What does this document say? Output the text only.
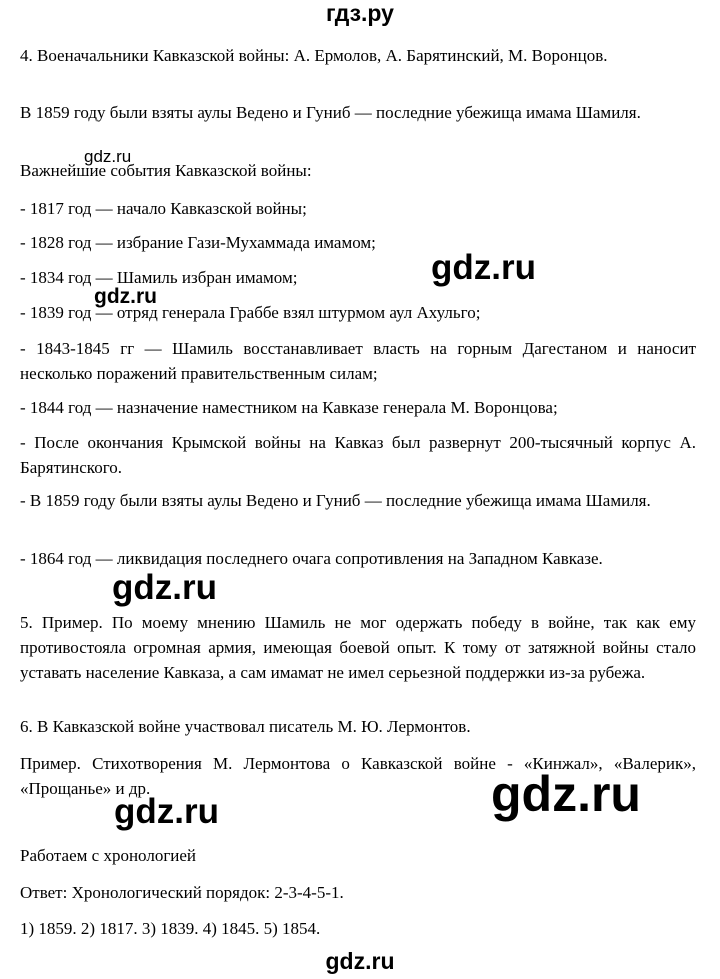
гдз.ру

4. Военачальники Кавказской войны: А. Ермолов, А. Барятинский, М. Воронцов.

В 1859 году были взяты аулы Ведено и Гуниб — последние убежища имама Шамиля.

Важнейшие события Кавказской войны:

- 1817 год — начало Кавказской войны;

- 1828 год — избрание Гази-Мухаммада имамом;

- 1834 год — Шамиль избран имамом;

- 1839 год — отряд генерала Граббе взял штурмом аул Ахульго;

- 1843-1845 гг — Шамиль восстанавливает власть на горным Дагестаном и наносит несколько поражений правительственным силам;

- 1844 год — назначение наместником на Кавказе генерала М. Воронцова;

- После окончания Крымской войны на Кавказ был развернут 200-тысячный корпус А. Барятинского.

- В 1859 году были взяты аулы Ведено и Гуниб — последние убежища имама Шамиля.

- 1864 год — ликвидация последнего очага сопротивления на Западном Кавказе.

5. Пример. По моему мнению Шамиль не мог одержать победу в войне, так как ему противостояла огромная армия, имеющая боевой опыт. К тому от затяжной войны стало уставать население Кавказа, а сам имамат не имел серьезной поддержки из-за рубежа.

6. В Кавказской войне участвовал писатель М. Ю. Лермонтов.

Пример. Стихотворения М. Лермонтова о Кавказской войне - «Кинжал», «Валерик», «Прощанье» и др.

Работаем с хронологией

Ответ: Хронологический порядок: 2-3-4-5-1.

1) 1859. 2) 1817. 3) 1839. 4) 1845. 5) 1854.

gdz.ru
gdz.ru
gdz.ru
gdz.ru
gdz.ru
gdz.ru
gdz.ru
